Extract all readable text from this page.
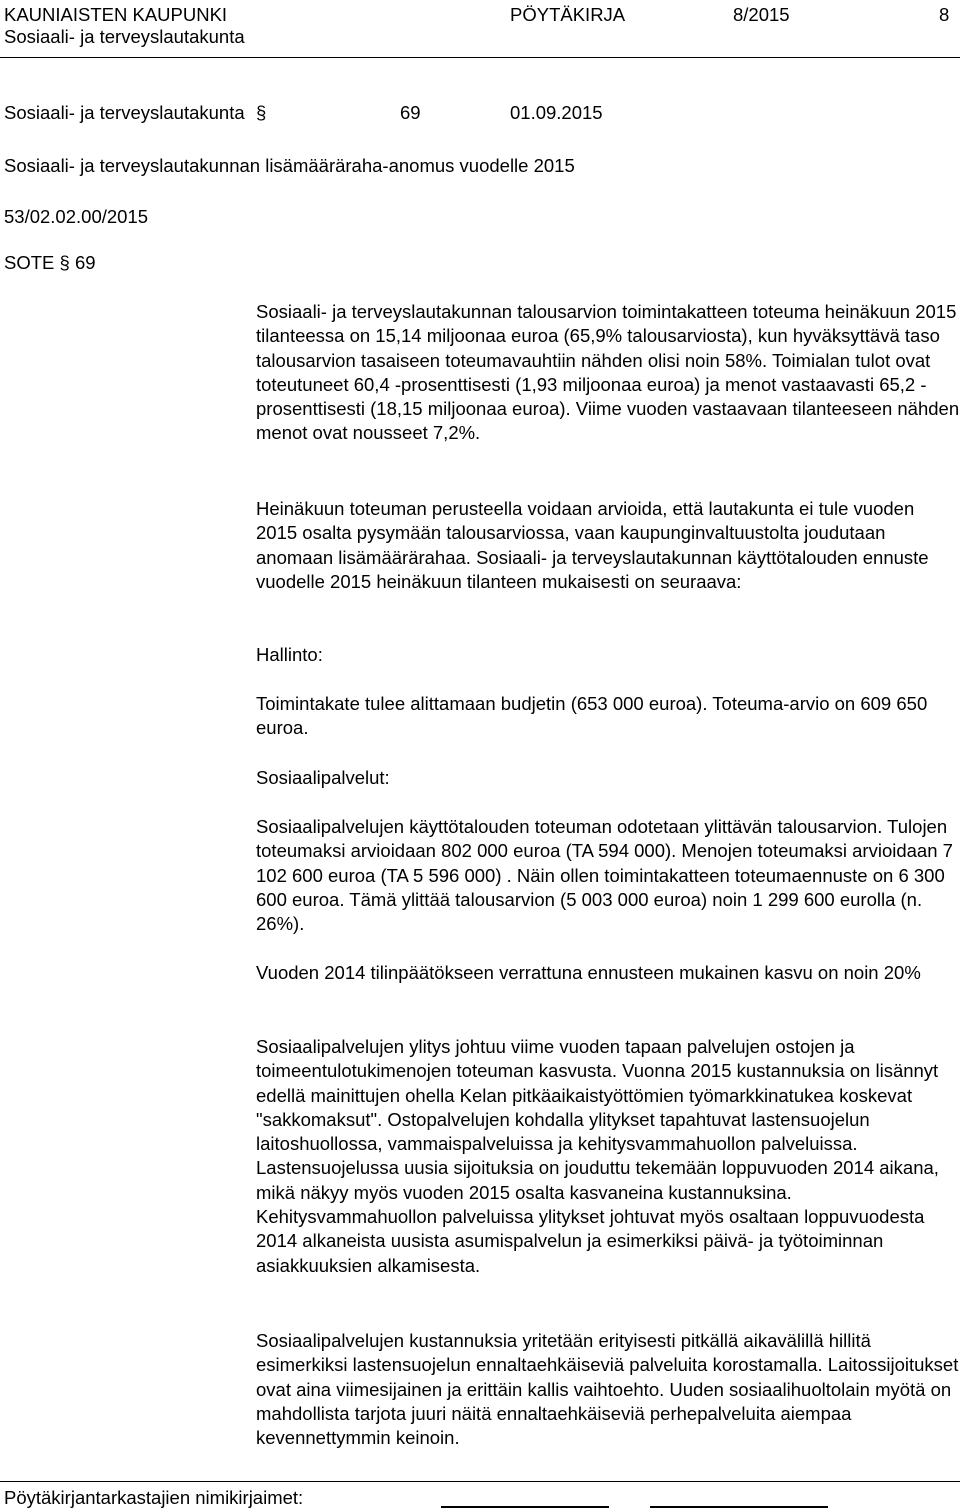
KAUNIAISTEN KAUPUNKI
Sosiaali- ja terveyslautakunta
PÖYTÄKIRJA	8/2015	8
Sosiaali- ja terveyslautakunta §	69	01.09.2015
Sosiaali- ja terveyslautakunnan lisämääräraha-anomus vuodelle 2015
53/02.02.00/2015
SOTE § 69

Sosiaali- ja terveyslautakunnan talousarvion toimintakatteen toteuma heinäkuun 2015 tilanteessa on 15,14 miljoonaa euroa (65,9% talousarviosta), kun hyväksyttävä taso talousarvion tasaiseen toteumavauhtiin nähden olisi noin 58%. Toimialan tulot ovat toteutuneet 60,4 -prosenttisesti (1,93 miljoonaa euroa) ja menot vastaavasti 65,2 -prosenttisesti (18,15 miljoonaa euroa). Viime vuoden vastaavaan tilanteeseen nähden menot ovat nousseet 7,2%.

Heinäkuun toteuman perusteella voidaan arvioida, että lautakunta ei tule vuoden 2015 osalta pysymään talousarviossa, vaan kaupunginvaltuustolta joudutaan anomaan lisämäärärahaa. Sosiaali- ja terveyslautakunnan käyttötalouden ennuste vuodelle 2015 heinäkuun tilanteen mukaisesti on seuraava:

Hallinto:

Toimintakate tulee alittamaan budjetin (653 000 euroa). Toteuma-arvio on 609 650 euroa.

Sosiaalipalvelut:

Sosiaalipalvelujen käyttötalouden toteuman odotetaan ylittävän talousarvion. Tulojen toteumaksi arvioidaan 802 000 euroa (TA 594 000). Menojen toteumaksi arvioidaan 7 102 600 euroa (TA 5 596 000) . Näin ollen toimintakatteen toteumaennuste on 6 300 600 euroa. Tämä ylittää talousarvion (5 003 000 euroa) noin 1 299 600 eurolla (n. 26%).

Vuoden 2014 tilinpäätökseen verrattuna ennusteen mukainen kasvu on noin 20%

Sosiaalipalvelujen ylitys johtuu viime vuoden tapaan palvelujen ostojen ja toimeentulotukimenojen toteuman kasvusta. Vuonna 2015 kustannuksia on lisännyt edellä mainittujen ohella Kelan pitkäaikaistyöttömien työmarkkinatukea koskevat "sakkomaksut". Ostopalvelujen kohdalla ylitykset tapahtuvat lastensuojelun laitoshuollossa, vammaispalveluissa ja kehitysvammahuollon palveluissa. Lastensuojelussa uusia sijoituksia on jouduttu tekemään loppuvuoden 2014 aikana, mikä näkyy myös vuoden 2015 osalta kasvaneina kustannuksina. Kehitysvammahuollon palveluissa ylitykset johtuvat myös osaltaan loppuvuodesta 2014 alkaneista uusista asumispalvelun ja esimerkiksi päivä- ja työtoiminnan asiakkuuksien alkamisesta.

Sosiaalipalvelujen kustannuksia yritetään erityisesti pitkällä aikavälillä hillitä esimerkiksi lastensuojelun ennaltaehkäiseviä palveluita korostamalla. Laitossijoitukset ovat aina viimesijainen ja erittäin kallis vaihtoehto. Uuden sosiaalihuoltolain myötä on mahdollista tarjota juuri näitä ennaltaehkäiseviä perhepalveluita aiempaa kevennettymmin keinoin.

Pöytäkirjantarkastajien nimikirjaimet:
